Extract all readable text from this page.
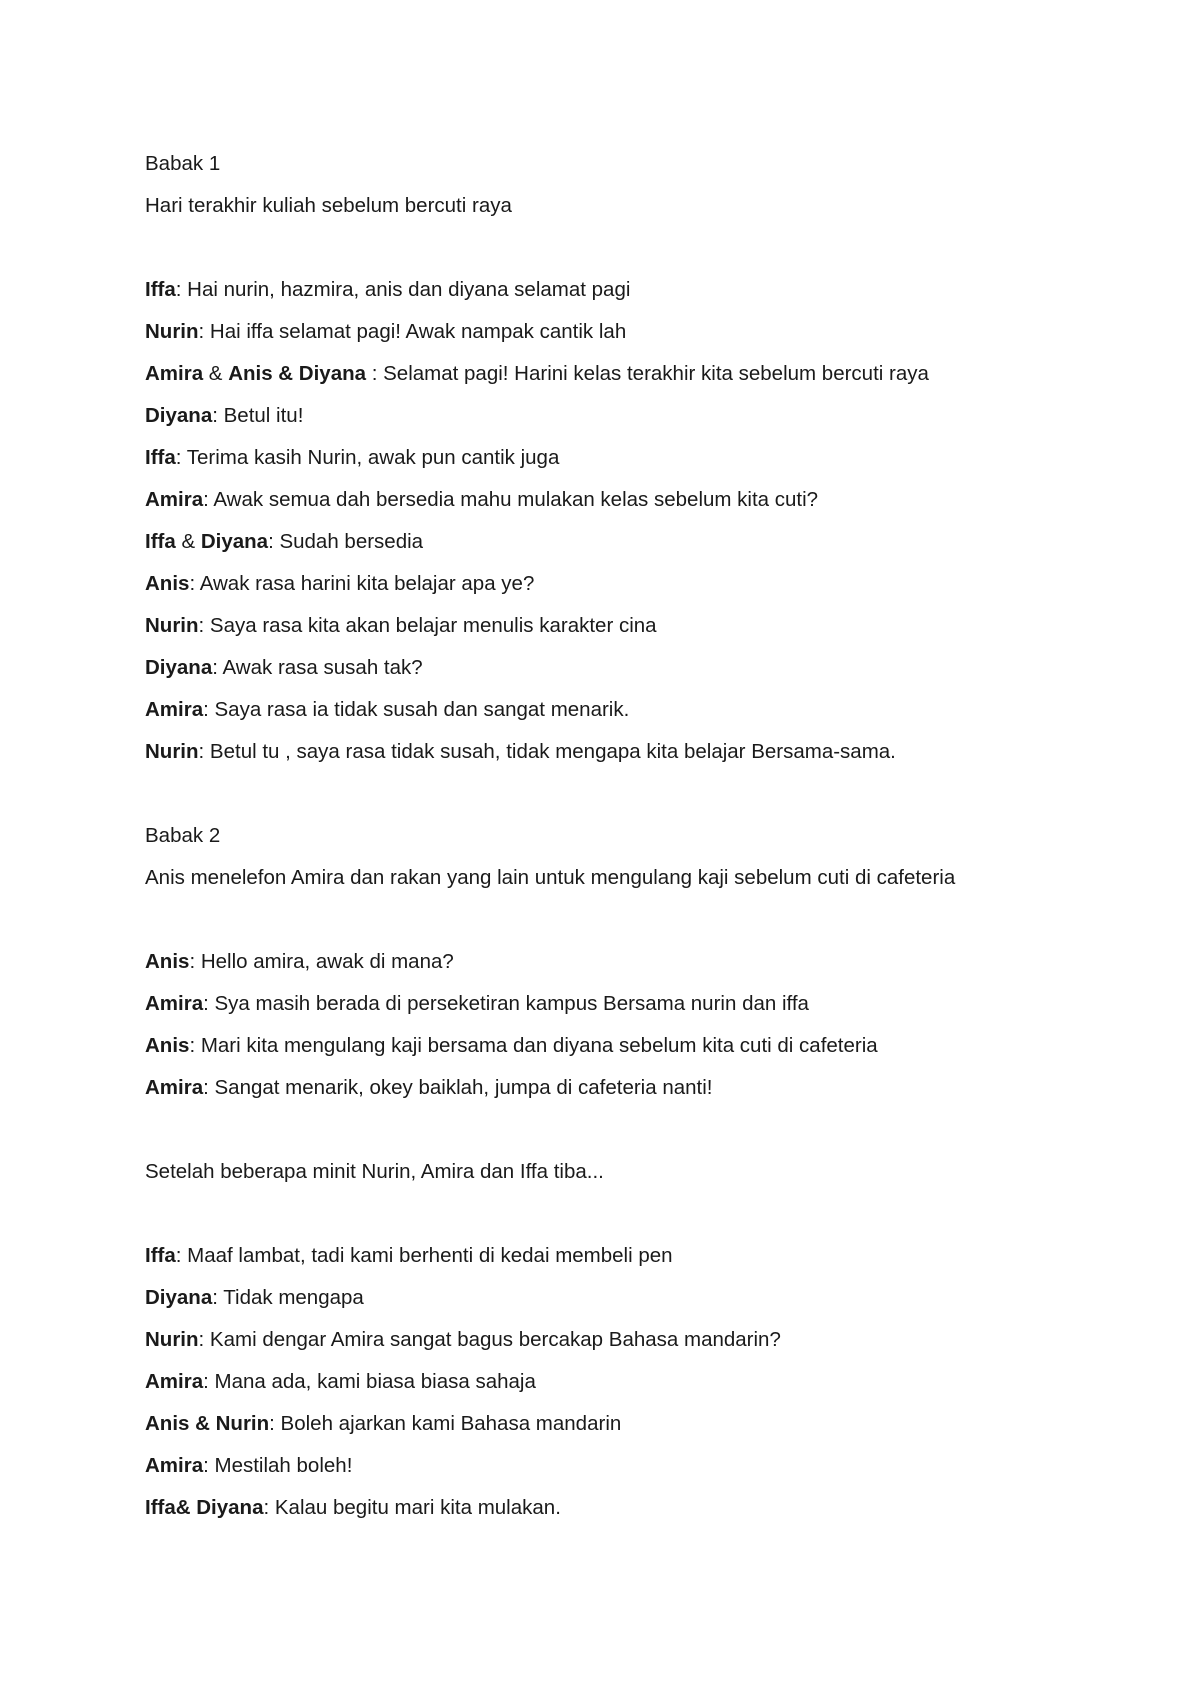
Babak 1
Hari terakhir kuliah sebelum bercuti raya
Iffa: Hai nurin, hazmira, anis dan diyana selamat pagi
Nurin: Hai iffa selamat pagi! Awak nampak cantik lah
Amira & Anis & Diyana : Selamat pagi! Harini kelas terakhir kita sebelum bercuti raya
Diyana: Betul itu!
Iffa: Terima kasih Nurin, awak pun cantik juga
Amira: Awak semua dah bersedia mahu mulakan kelas sebelum kita cuti?
Iffa & Diyana: Sudah bersedia
Anis: Awak rasa harini kita belajar apa ye?
Nurin: Saya rasa kita akan belajar menulis karakter cina
Diyana: Awak rasa susah tak?
Amira: Saya rasa ia tidak susah dan sangat menarik.
Nurin: Betul tu , saya rasa tidak susah, tidak mengapa kita belajar Bersama-sama.
Babak 2
Anis menelefon Amira dan rakan yang lain untuk mengulang kaji sebelum cuti di cafeteria
Anis: Hello amira, awak di mana?
Amira: Sya masih berada di perseketiran kampus Bersama nurin dan iffa
Anis: Mari kita mengulang kaji bersama dan diyana sebelum kita cuti di cafeteria
Amira: Sangat menarik, okey baiklah, jumpa di cafeteria nanti!
Setelah beberapa minit Nurin, Amira dan Iffa tiba...
Iffa: Maaf lambat, tadi kami berhenti di kedai membeli pen
Diyana: Tidak mengapa
Nurin: Kami dengar Amira sangat bagus bercakap Bahasa mandarin?
Amira: Mana ada, kami biasa biasa sahaja
Anis & Nurin: Boleh ajarkan kami Bahasa mandarin
Amira: Mestilah boleh!
Iffa& Diyana: Kalau begitu mari kita mulakan.
